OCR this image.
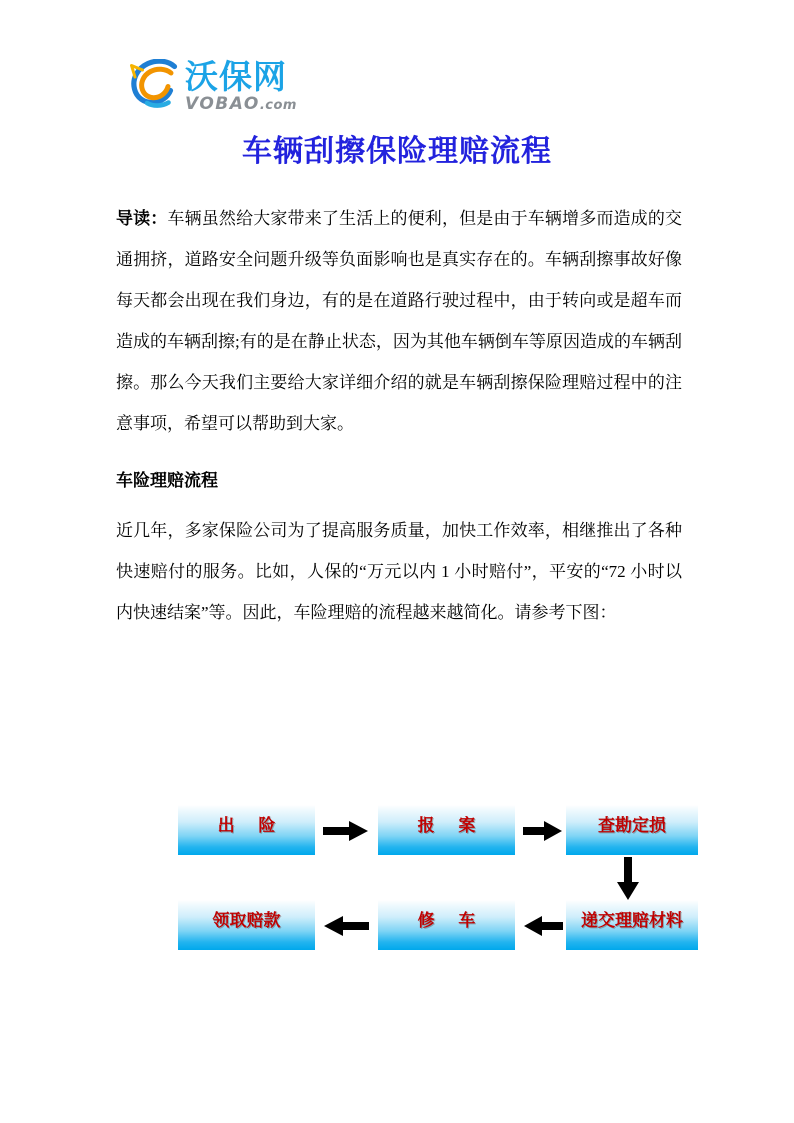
沃保网
VOBAO.com
车辆刮擦保险理赔流程

导读：车辆虽然给大家带来了生活上的便利，但是由于车辆增多而造成的交通拥挤，道路安全问题升级等负面影响也是真实存在的。车辆刮擦事故好像每天都会出现在我们身边，有的是在道路行驶过程中，由于转向或是超车而造成的车辆刮擦;有的是在静止状态，因为其他车辆倒车等原因造成的车辆刮擦。那么今天我们主要给大家详细介绍的就是车辆刮擦保险理赔过程中的注意事项，希望可以帮助到大家。

车险理赔流程

近几年，多家保险公司为了提高服务质量，加快工作效率，相继推出了各种快速赔付的服务。比如，人保的“万元以内 1 小时赔付”，平安的“72 小时以内快速结案”等。因此，车险理赔的流程越来越简化。请参考下图：

出    险	报    案	查勘定损
领取赔款	修    车	递交理赔材料
